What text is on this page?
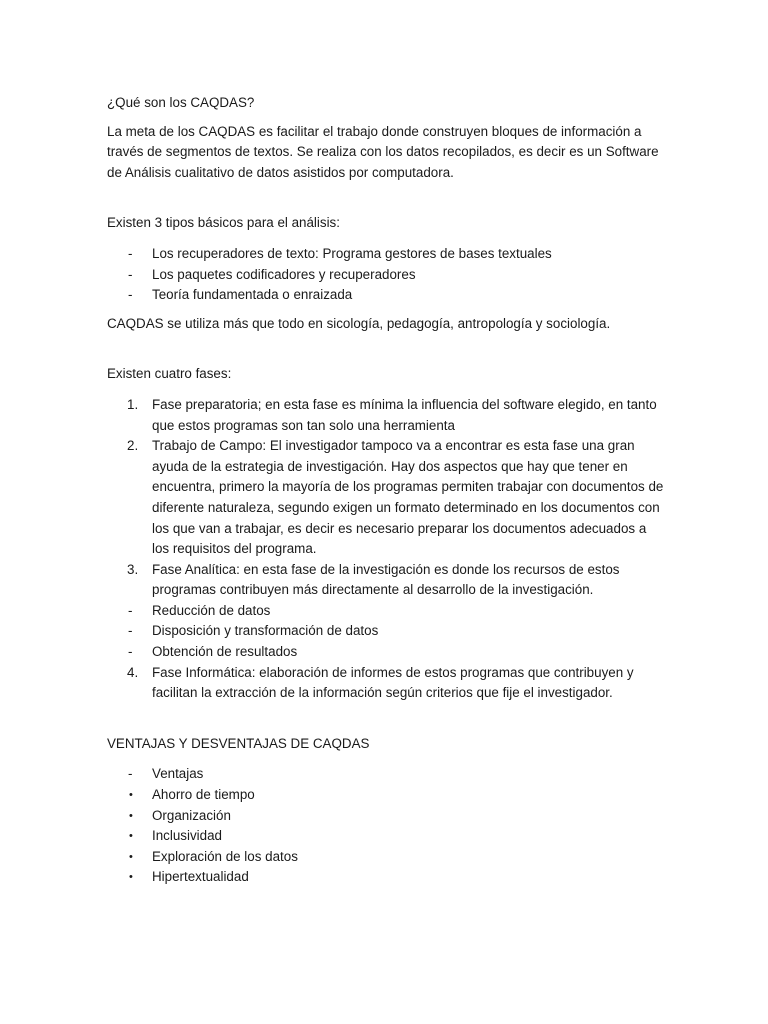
¿Qué son los CAQDAS?

La meta de los CAQDAS es facilitar el trabajo donde construyen bloques de información a través de segmentos de textos. Se realiza con los datos recopilados, es decir es un Software de Análisis cualitativo de datos asistidos por computadora.

Existen 3 tipos básicos para el análisis:

-	Los recuperadores de texto: Programa gestores de bases textuales
-	Los paquetes codificadores y recuperadores
-	Teoría fundamentada o enraizada

CAQDAS se utiliza más que todo en sicología, pedagogía, antropología y sociología.

Existen cuatro fases:

1.	Fase preparatoria; en esta fase es mínima la influencia del software elegido, en tanto que estos programas son tan solo una herramienta
2.	Trabajo de Campo: El investigador tampoco va a encontrar es esta fase una gran ayuda de la estrategia de investigación. Hay dos aspectos que hay que tener en encuentra, primero la mayoría de los programas permiten trabajar con documentos de diferente naturaleza, segundo exigen un formato determinado en los documentos con los que van a trabajar, es decir es necesario preparar los documentos adecuados a los requisitos del programa.
3.	Fase Analítica: en esta fase de la investigación es donde los recursos de estos programas contribuyen más directamente al desarrollo de la investigación.
-	Reducción de datos
-	Disposición y transformación de datos
-	Obtención de resultados
4.	Fase Informática: elaboración de informes de estos programas que contribuyen y facilitan la extracción de la información según criterios que fije el investigador.

VENTAJAS Y DESVENTAJAS DE CAQDAS

-	Ventajas
•	Ahorro de tiempo
•	Organización
•	Inclusividad
•	Exploración de los datos
•	Hipertextualidad
